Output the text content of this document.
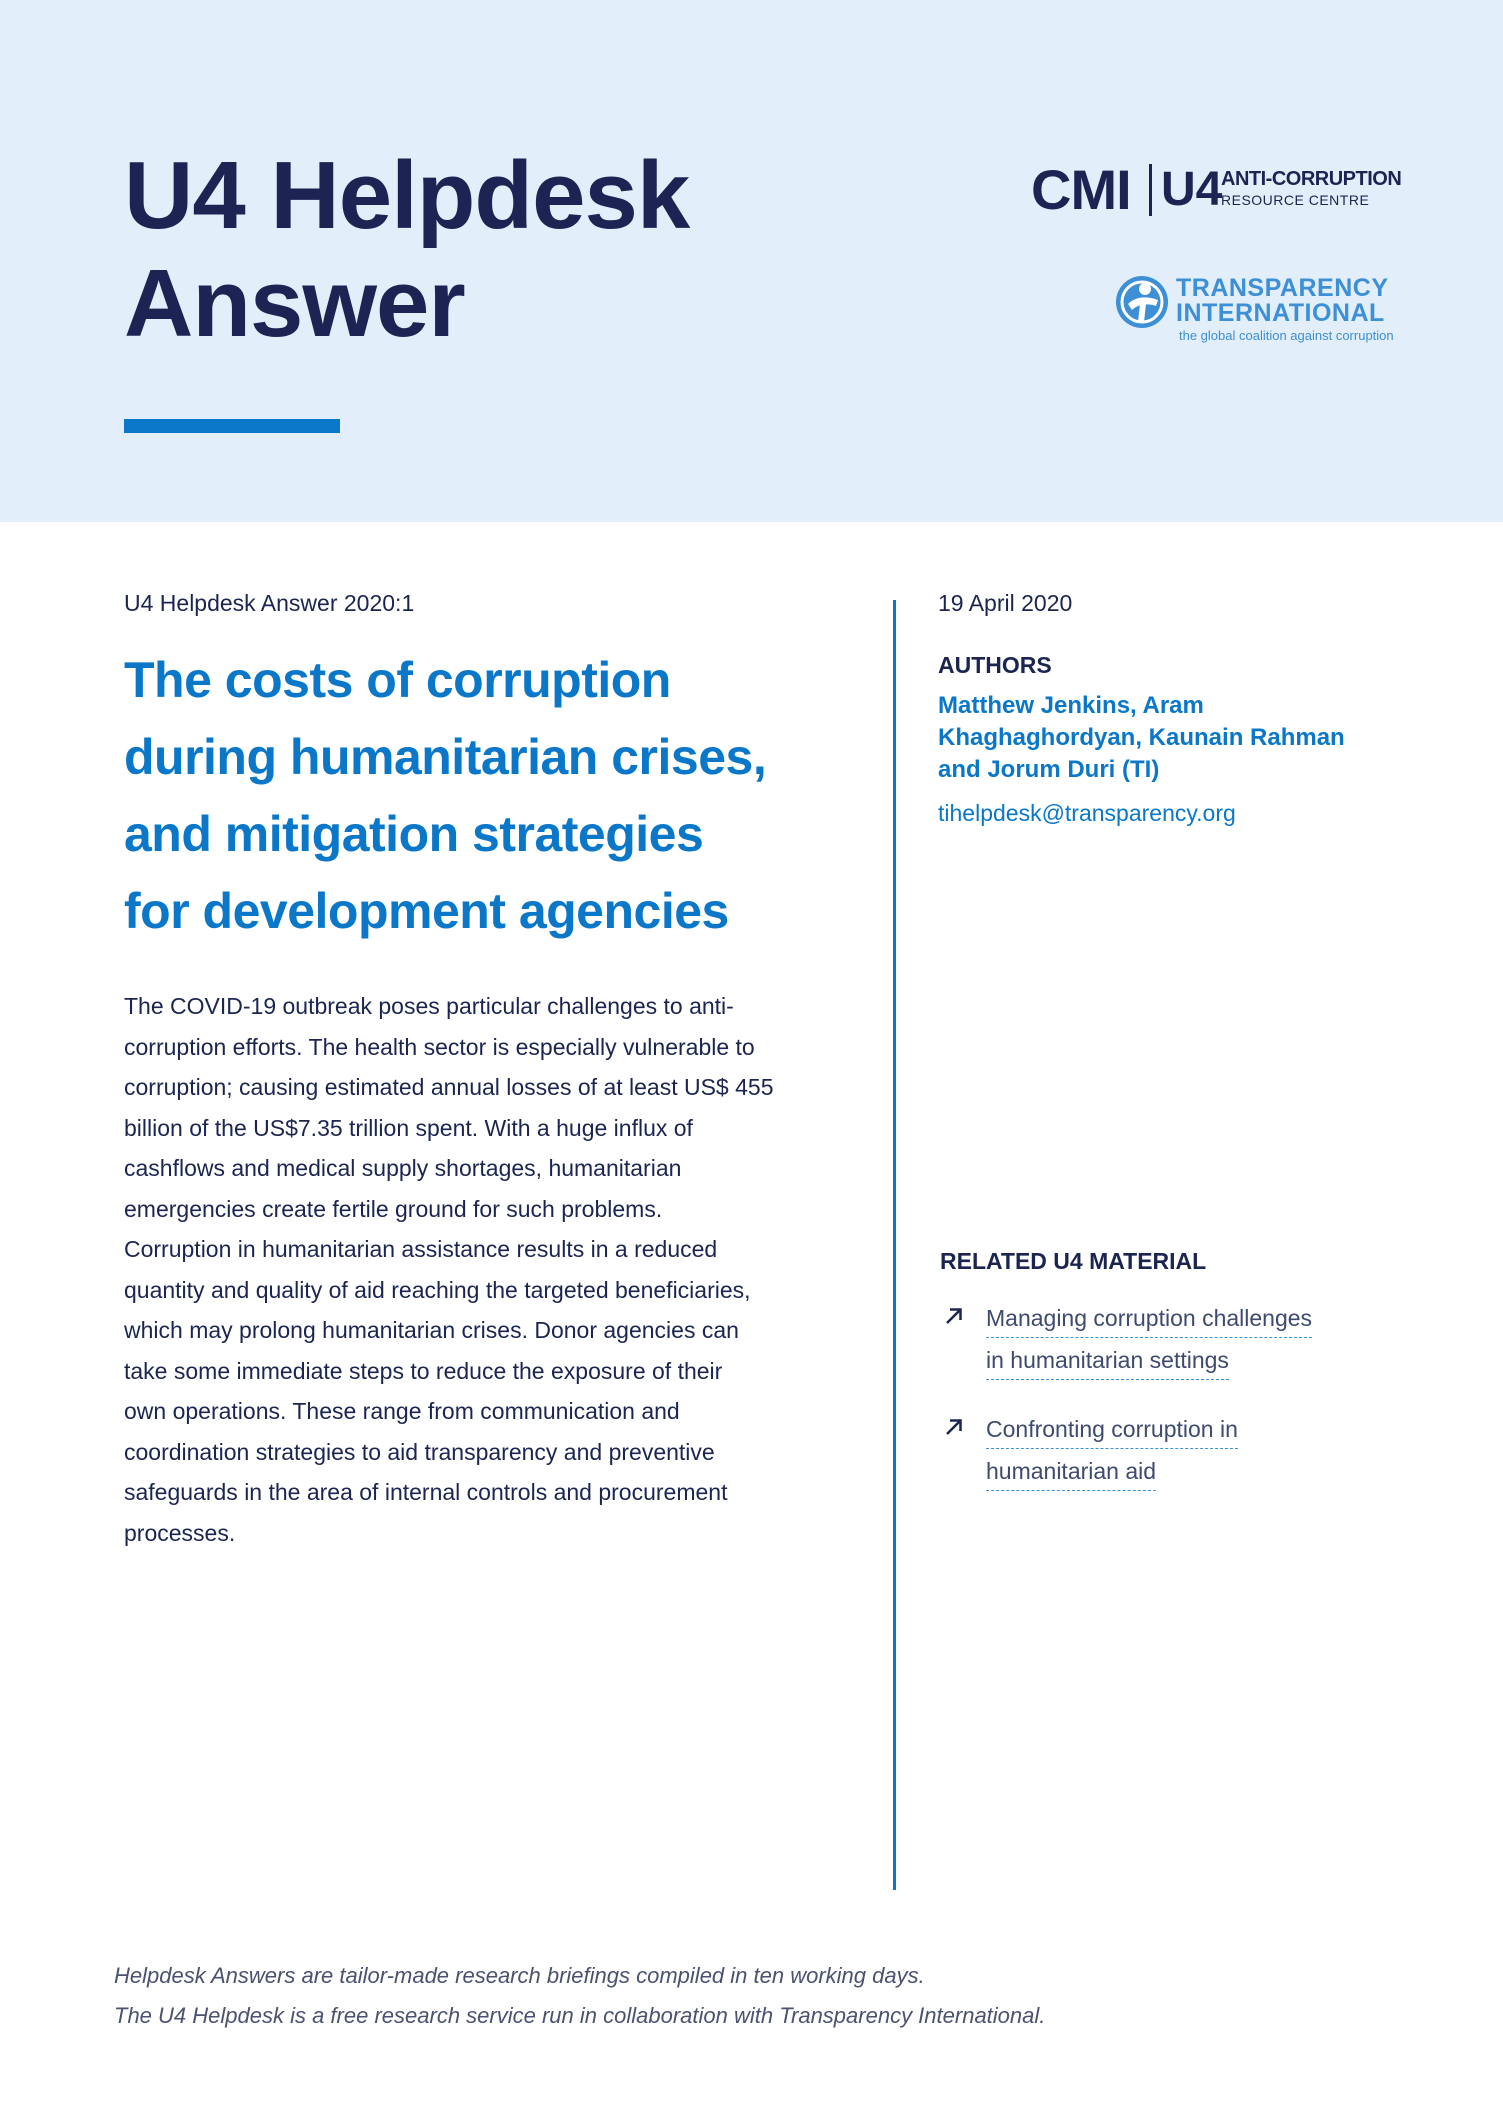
U4 Helpdesk
Answer
CMI U4
ANTI-CORRUPTION
RESOURCE CENTRE
TRANSPARENCY
INTERNATIONAL
the global coalition against corruption
U4 Helpdesk Answer 2020:1
The costs of corruption
during humanitarian crises,
and mitigation strategies
for development agencies
The COVID-19 outbreak poses particular challenges to anti-
corruption efforts. The health sector is especially vulnerable to
corruption; causing estimated annual losses of at least US$ 455
billion of the US$7.35 trillion spent. With a huge influx of
cashflows and medical supply shortages, humanitarian
emergencies create fertile ground for such problems.
Corruption in humanitarian assistance results in a reduced
quantity and quality of aid reaching the targeted beneficiaries,
which may prolong humanitarian crises. Donor agencies can
take some immediate steps to reduce the exposure of their
own operations. These range from communication and
coordination strategies to aid transparency and preventive
safeguards in the area of internal controls and procurement
processes.
19 April 2020
AUTHORS
Matthew Jenkins, Aram
Khaghaghordyan, Kaunain Rahman
and Jorum Duri (TI)
tihelpdesk@transparency.org
RELATED U4 MATERIAL
Managing corruption challenges
in humanitarian settings
Confronting corruption in
humanitarian aid
Helpdesk Answers are tailor-made research briefings compiled in ten working days.
The U4 Helpdesk is a free research service run in collaboration with Transparency International.
